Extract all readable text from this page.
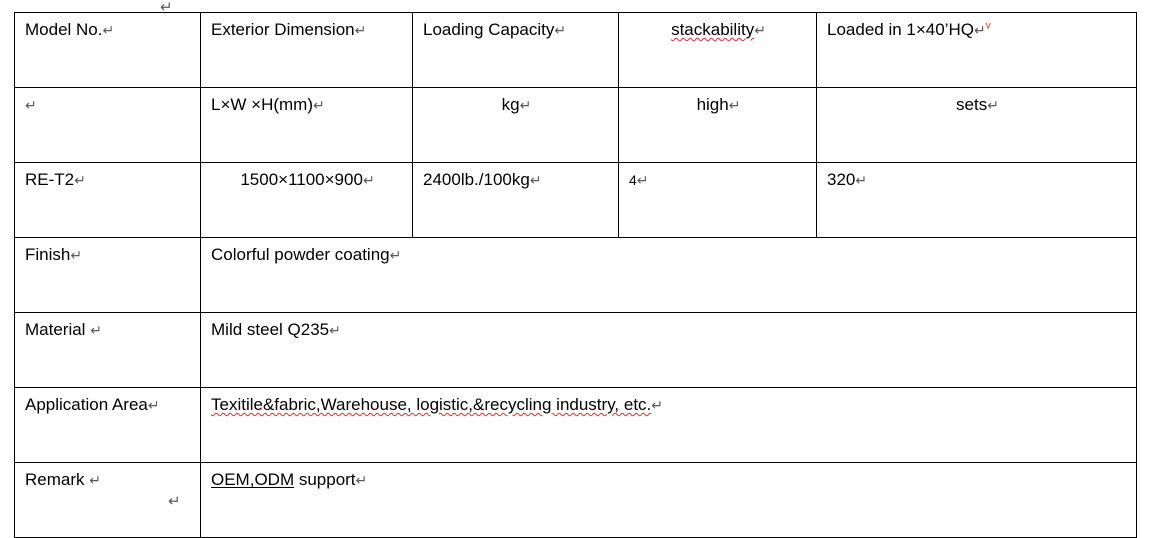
↵
Model No.↵	Exterior Dimension↵	Loading Capacity↵	stackability↵	Loaded in 1×40’HQ↵$^v$
↵	L×W ×H(mm)↵	kg↵	high↵	sets↵
RE-T2↵	1500×1100×900↵	2400lb./100kg↵	4↵	320↵
Finish↵	Colorful powder coating↵			
Material ↵	Mild steel Q235↵			
Application Area↵	Texitile&fabric,Warehouse, logistic,&recycling industry, etc.↵			
Remark ↵	OEM,ODM support↵			
↵
